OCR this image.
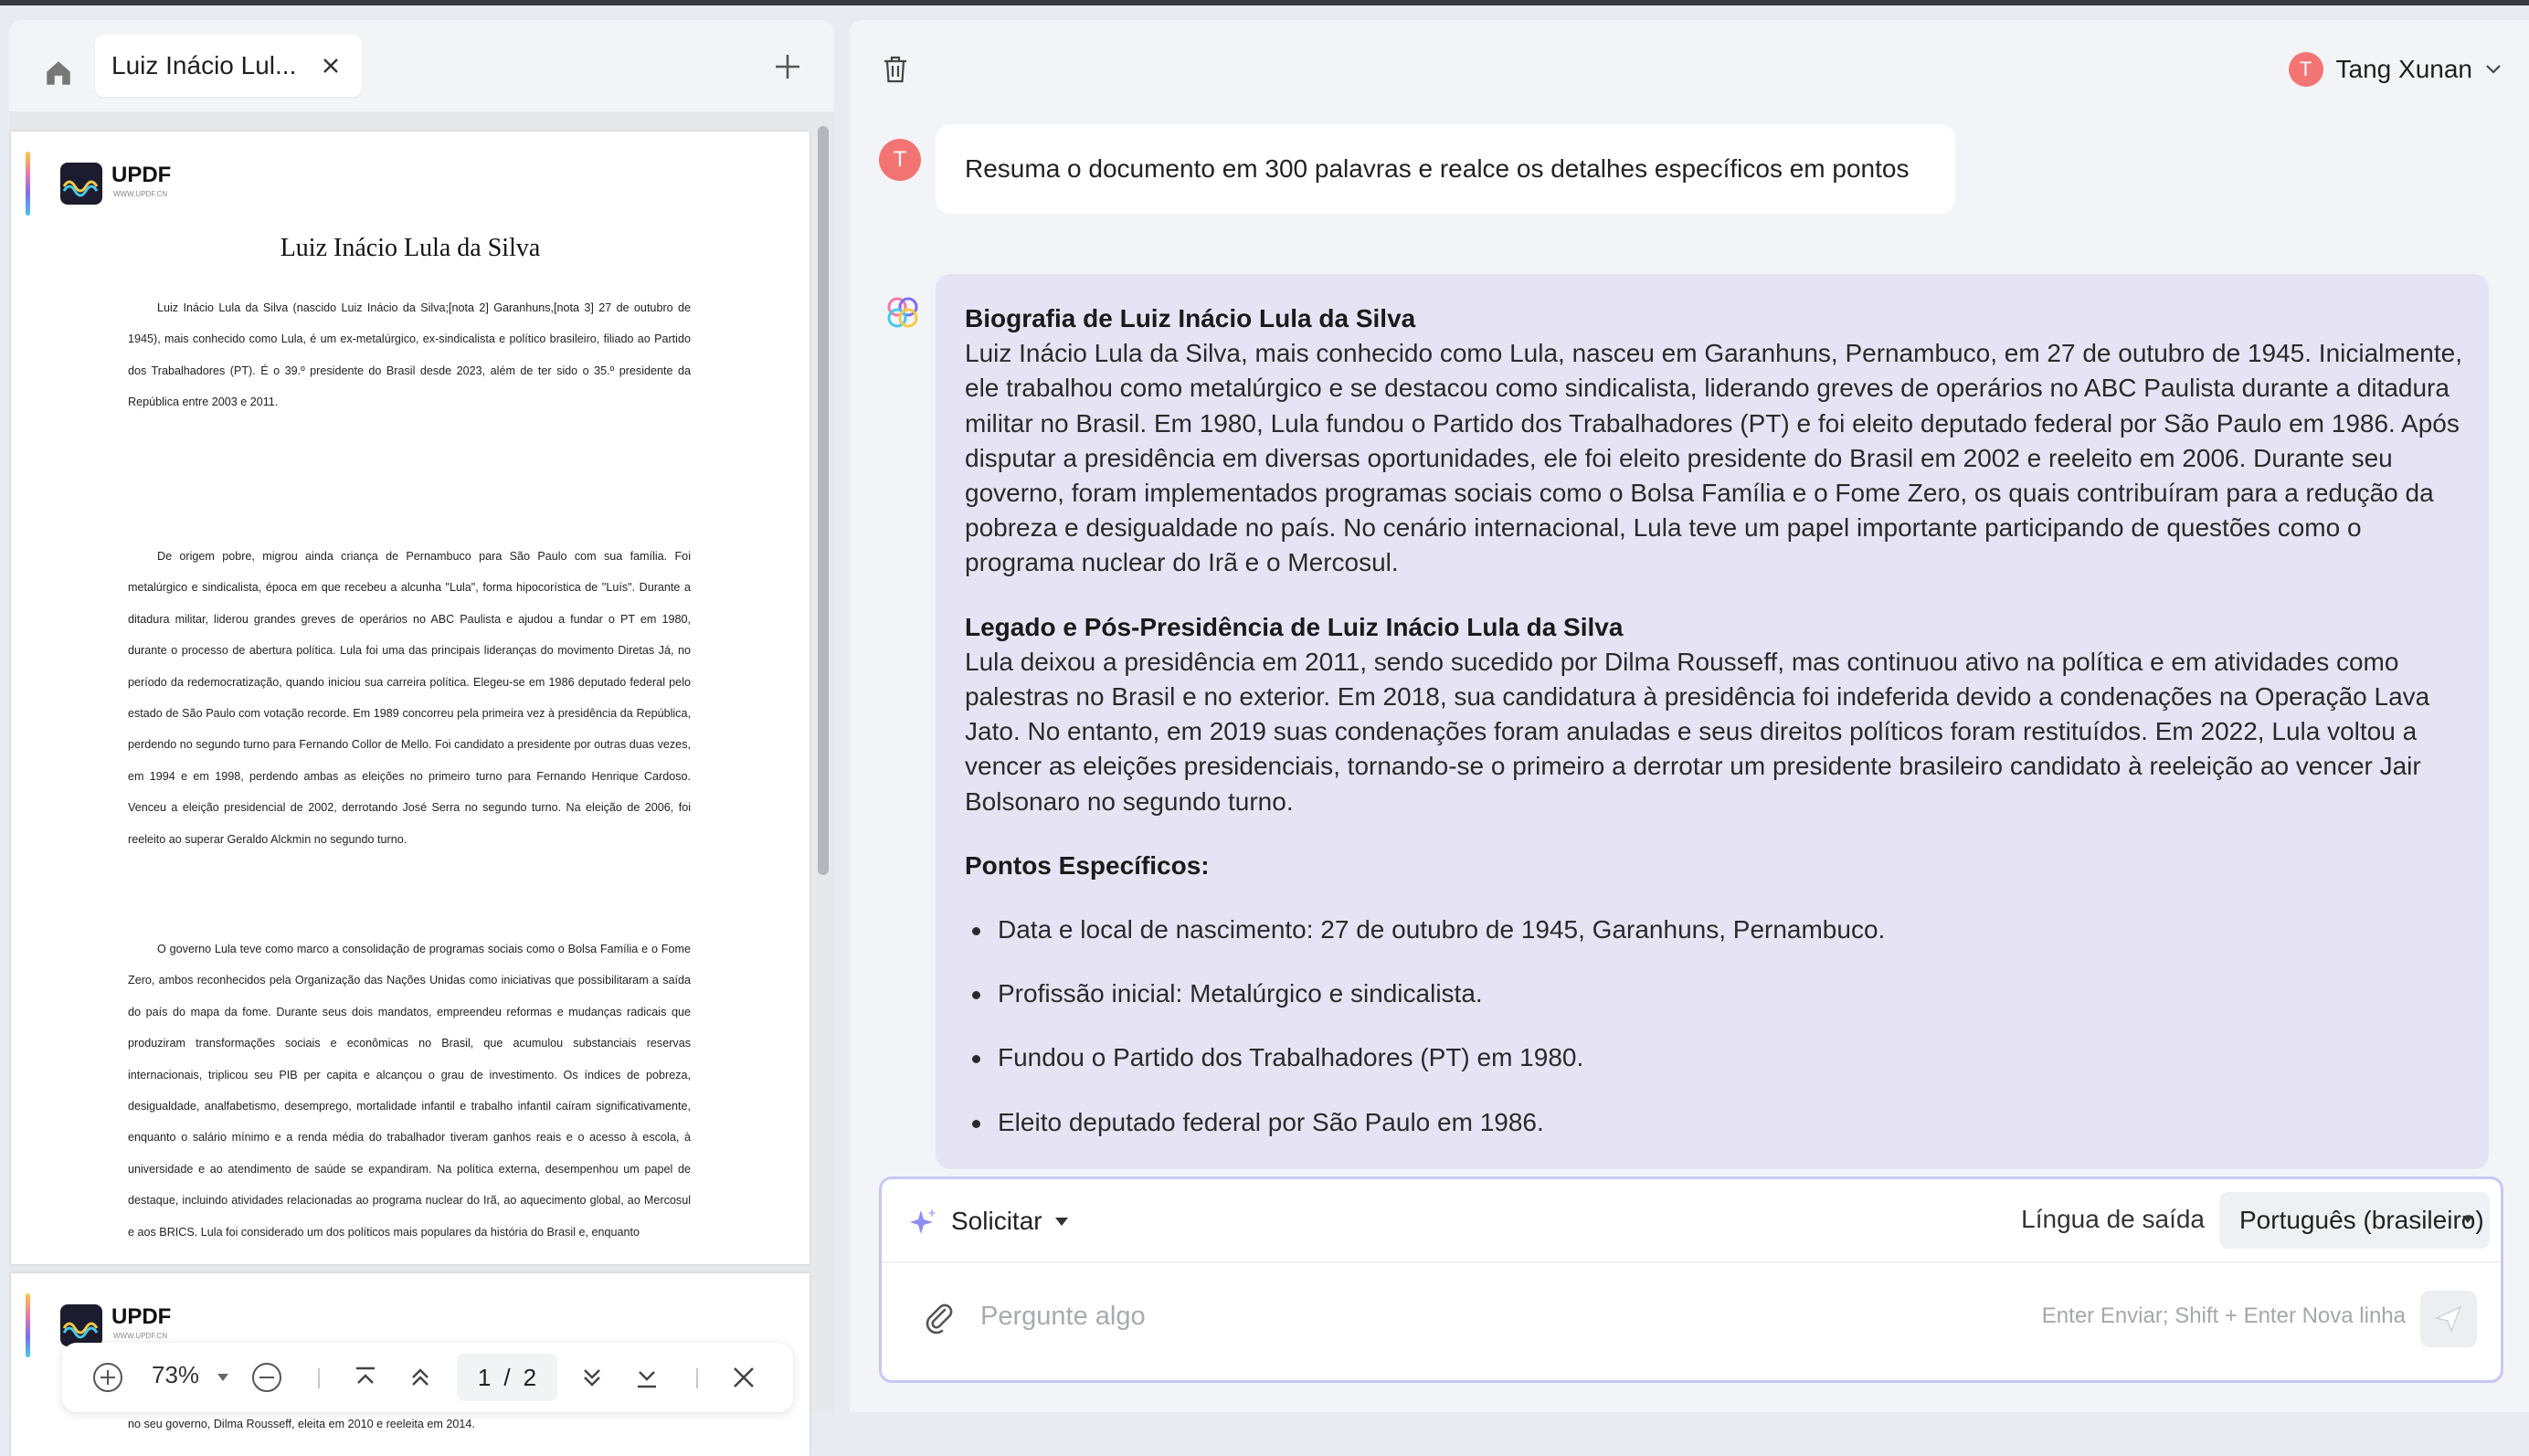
Luiz Inácio Lul...
UPDF
WWW.UPDF.CN
Luiz Inácio Lula da Silva
Luiz Inácio Lula da Silva (nascido Luiz Inácio da Silva;[nota 2] Garanhuns,[nota 3] 27 de outubro de 1945), mais conhecido como Lula, é um ex-metalúrgico, ex-sindicalista e político brasileiro, filiado ao Partido dos Trabalhadores (PT). É o 39.º presidente do Brasil desde 2023, além de ter sido o 35.º presidente da República entre 2003 e 2011.
De origem pobre, migrou ainda criança de Pernambuco para São Paulo com sua família. Foi metalúrgico e sindicalista, época em que recebeu a alcunha "Lula", forma hipocorística de "Luís". Durante a ditadura militar, liderou grandes greves de operários no ABC Paulista e ajudou a fundar o PT em 1980, durante o processo de abertura política. Lula foi uma das principais lideranças do movimento Diretas Já, no período da redemocratização, quando iniciou sua carreira política. Elegeu-se em 1986 deputado federal pelo estado de São Paulo com votação recorde. Em 1989 concorreu pela primeira vez à presidência da República, perdendo no segundo turno para Fernando Collor de Mello. Foi candidato a presidente por outras duas vezes, em 1994 e em 1998, perdendo ambas as eleições no primeiro turno para Fernando Henrique Cardoso. Venceu a eleição presidencial de 2002, derrotando José Serra no segundo turno. Na eleição de 2006, foi reeleito ao superar Geraldo Alckmin no segundo turno.
O governo Lula teve como marco a consolidação de programas sociais como o Bolsa Família e o Fome Zero, ambos reconhecidos pela Organização das Nações Unidas como iniciativas que possibilitaram a saída do país do mapa da fome. Durante seus dois mandatos, empreendeu reformas e mudanças radicais que produziram transformações sociais e econômicas no Brasil, que acumulou substanciais reservas internacionais, triplicou seu PIB per capita e alcançou o grau de investimento. Os índices de pobreza, desigualdade, analfabetismo, desemprego, mortalidade infantil e trabalho infantil caíram significativamente, enquanto o salário mínimo e a renda média do trabalhador tiveram ganhos reais e o acesso à escola, à universidade e ao atendimento de saúde se expandiram. Na política externa, desempenhou um papel de destaque, incluindo atividades relacionadas ao programa nuclear do Irã, ao aquecimento global, ao Mercosul e aos BRICS. Lula foi considerado um dos políticos mais populares da história do Brasil e, enquanto
UPDF
WWW.UPDF.CN
no seu governo, Dilma Rousseff, eleita em 2010 e reeleita em 2014.
73%	1 / 2
T Tang Xunan
T	Resuma o documento em 300 palavras e realce os detalhes específicos em pontos
Biografia de Luiz Inácio Lula da Silva
Luiz Inácio Lula da Silva, mais conhecido como Lula, nasceu em Garanhuns, Pernambuco, em 27 de outubro de 1945. Inicialmente, ele trabalhou como metalúrgico e se destacou como sindicalista, liderando greves de operários no ABC Paulista durante a ditadura militar no Brasil. Em 1980, Lula fundou o Partido dos Trabalhadores (PT) e foi eleito deputado federal por São Paulo em 1986. Após disputar a presidência em diversas oportunidades, ele foi eleito presidente do Brasil em 2002 e reeleito em 2006. Durante seu governo, foram implementados programas sociais como o Bolsa Família e o Fome Zero, os quais contribuíram para a redução da pobreza e desigualdade no país. No cenário internacional, Lula teve um papel importante participando de questões como o programa nuclear do Irã e o Mercosul.
Legado e Pós-Presidência de Luiz Inácio Lula da Silva
Lula deixou a presidência em 2011, sendo sucedido por Dilma Rousseff, mas continuou ativo na política e em atividades como palestras no Brasil e no exterior. Em 2018, sua candidatura à presidência foi indeferida devido a condenações na Operação Lava Jato. No entanto, em 2019 suas condenações foram anuladas e seus direitos políticos foram restituídos. Em 2022, Lula voltou a vencer as eleições presidenciais, tornando-se o primeiro a derrotar um presidente brasileiro candidato à reeleição ao vencer Jair Bolsonaro no segundo turno.
Pontos Específicos:
Data e local de nascimento: 27 de outubro de 1945, Garanhuns, Pernambuco.
Profissão inicial: Metalúrgico e sindicalista.
Fundou o Partido dos Trabalhadores (PT) em 1980.
Eleito deputado federal por São Paulo em 1986.
Solicitar	Língua de saída Português (brasileiro)
Pergunte algo
Enter Enviar; Shift + Enter Nova linha
